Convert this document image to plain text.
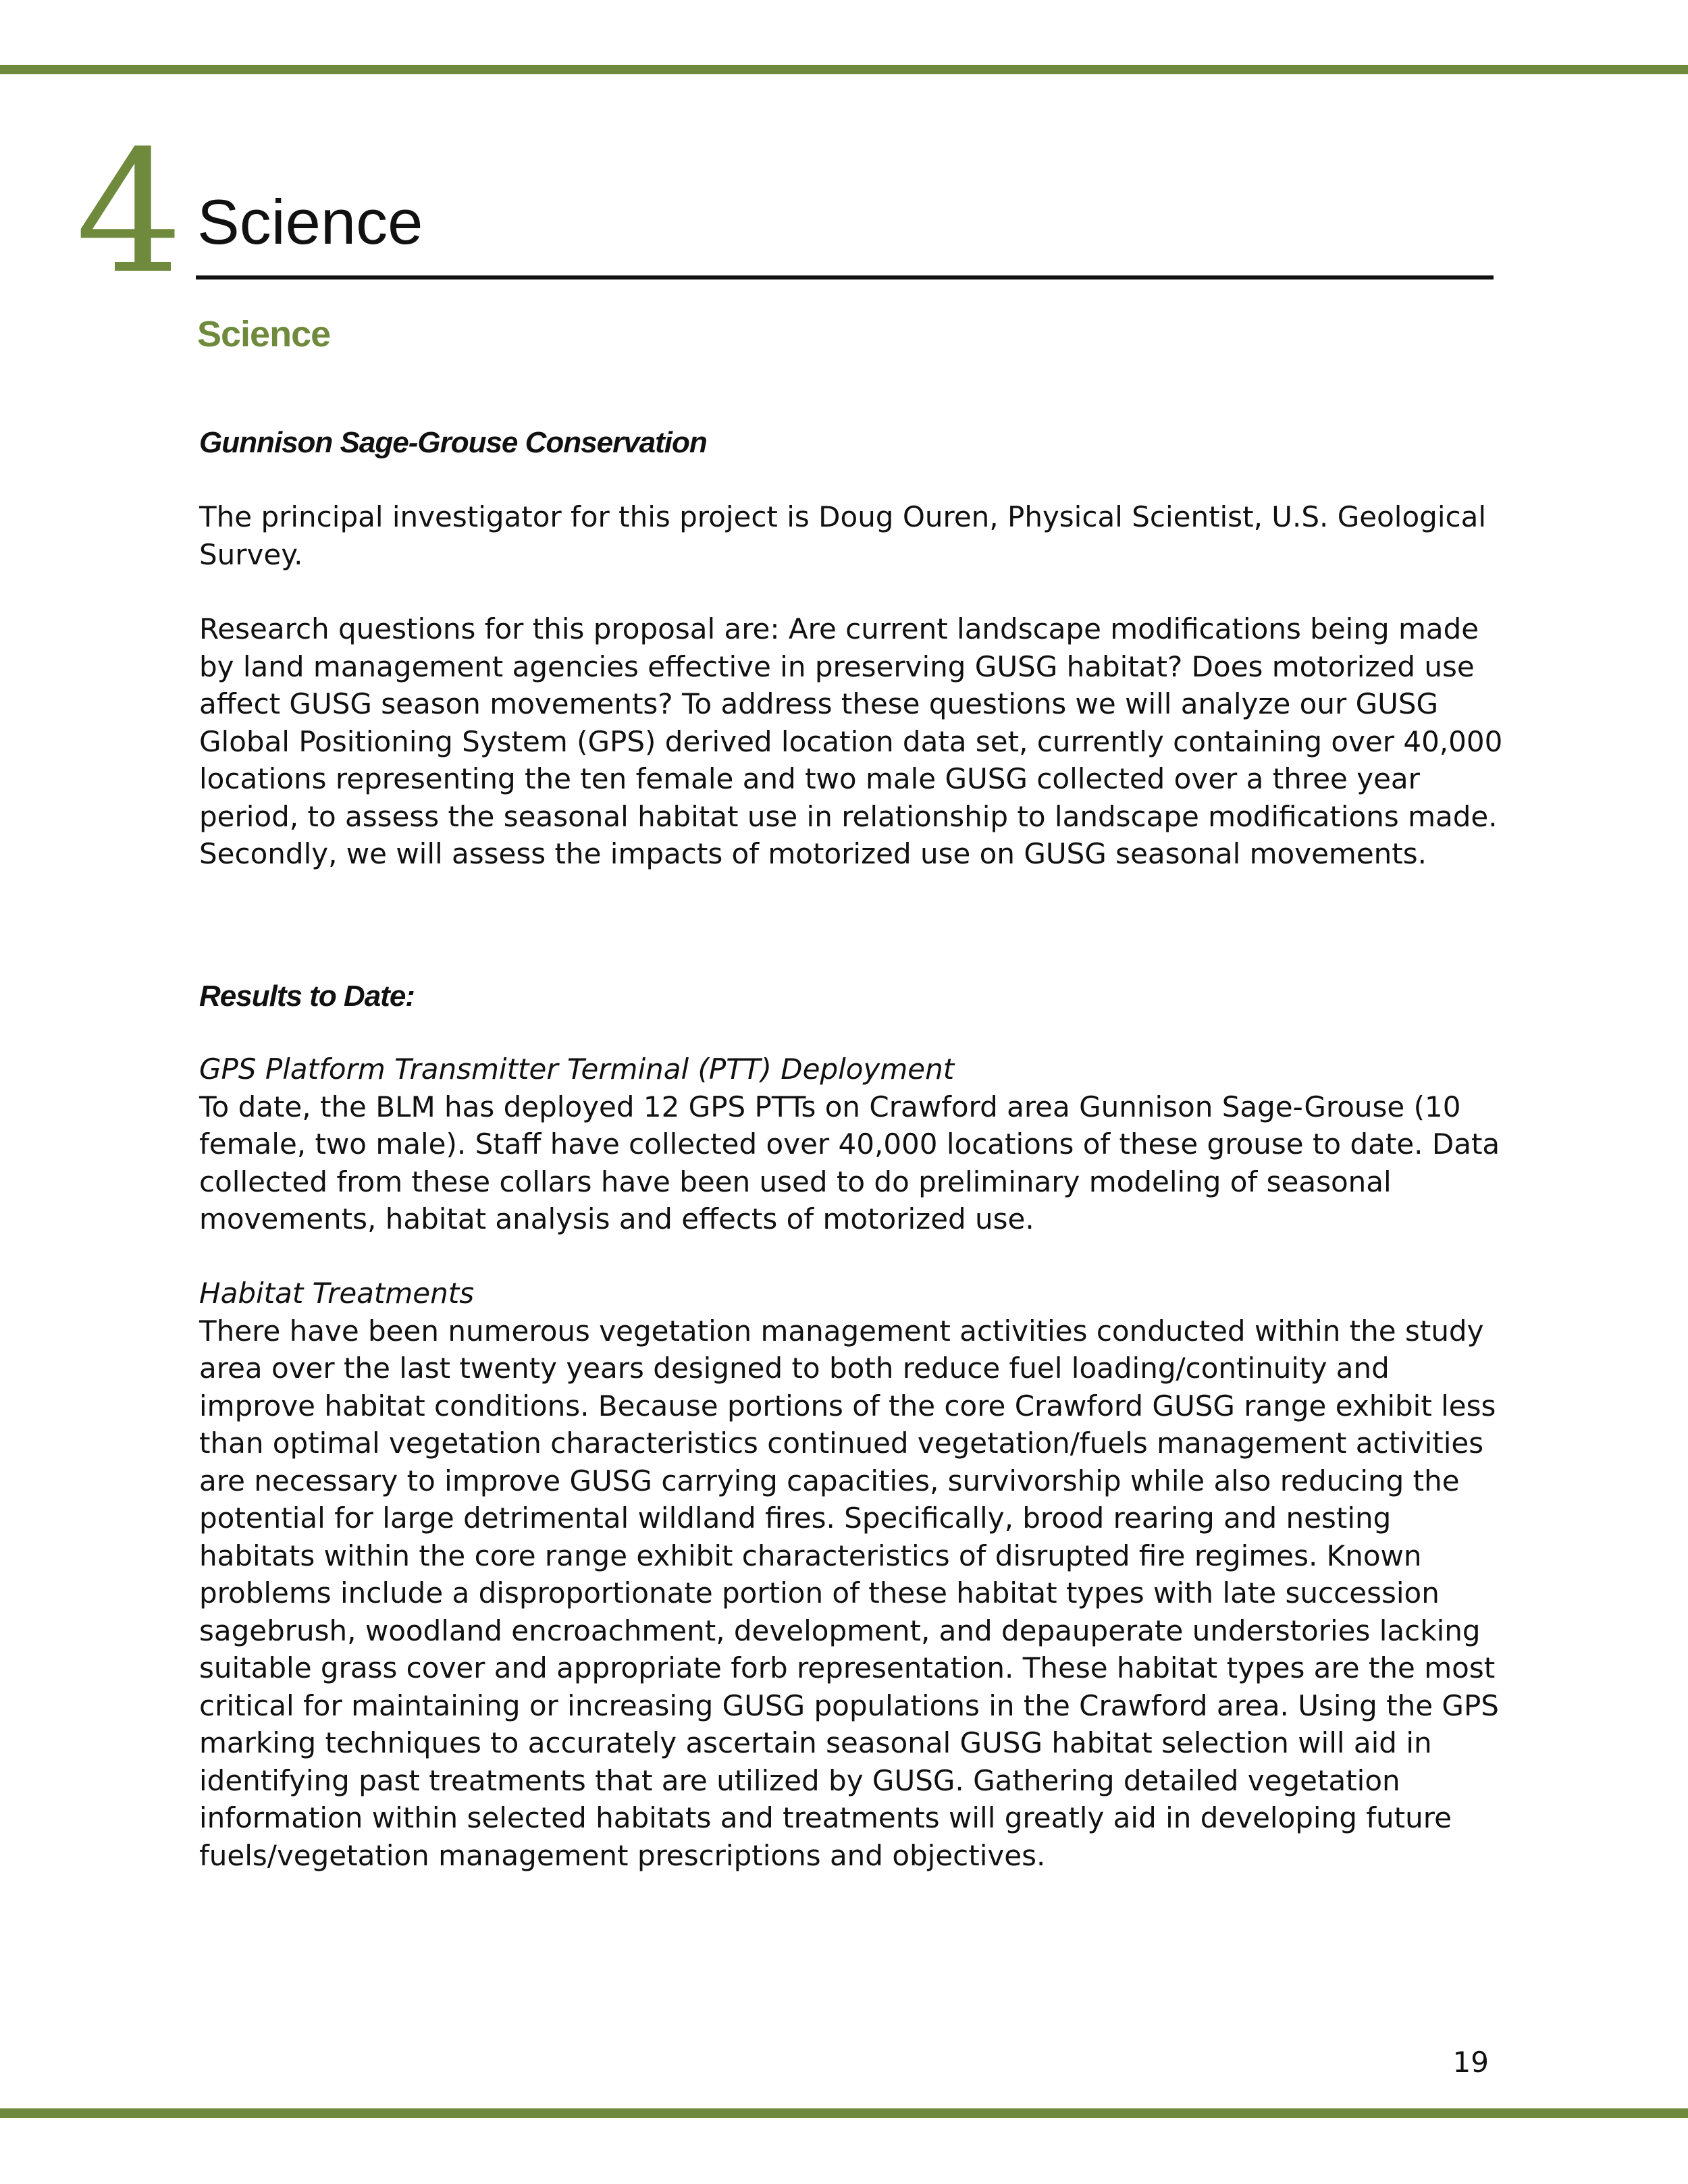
4 Science
Science
Gunnison Sage-Grouse Conservation

The principal investigator for this project is Doug Ouren, Physical Scientist, U.S. Geological Survey.

Research questions for this proposal are: Are current landscape modifications being made by land management agencies effective in preserving GUSG habitat? Does motorized use affect GUSG season movements? To address these questions we will analyze our GUSG Global Positioning System (GPS) derived location data set, currently containing over 40,000 locations representing the ten female and two male GUSG collected over a three year period, to assess the seasonal habitat use in relationship to landscape modifications made. Secondly, we will assess the impacts of motorized use on GUSG seasonal movements.

Results to Date:
GPS Platform Transmitter Terminal (PTT) Deployment
To date, the BLM has deployed 12 GPS PTTs on Crawford area Gunnison Sage-Grouse (10 female, two male). Staff have collected over 40,000 locations of these grouse to date. Data collected from these collars have been used to do preliminary modeling of seasonal movements, habitat analysis and effects of motorized use.
Habitat Treatments
There have been numerous vegetation management activities conducted within the study area over the last twenty years designed to both reduce fuel loading/continuity and improve habitat conditions. Because portions of the core Crawford GUSG range exhibit less than optimal vegetation characteristics continued vegetation/fuels management activities are necessary to improve GUSG carrying capacities, survivorship while also reducing the potential for large detrimental wildland fires. Specifically, brood rearing and nesting habitats within the core range exhibit characteristics of disrupted fire regimes. Known problems include a disproportionate portion of these habitat types with late succession sagebrush, woodland encroachment, development, and depauperate understories lacking suitable grass cover and appropriate forb representation. These habitat types are the most critical for maintaining or increasing GUSG populations in the Crawford area. Using the GPS marking techniques to accurately ascertain seasonal GUSG habitat selection will aid in identifying past treatments that are utilized by GUSG. Gathering detailed vegetation information within selected habitats and treatments will greatly aid in developing future fuels/vegetation management prescriptions and objectives.
19
